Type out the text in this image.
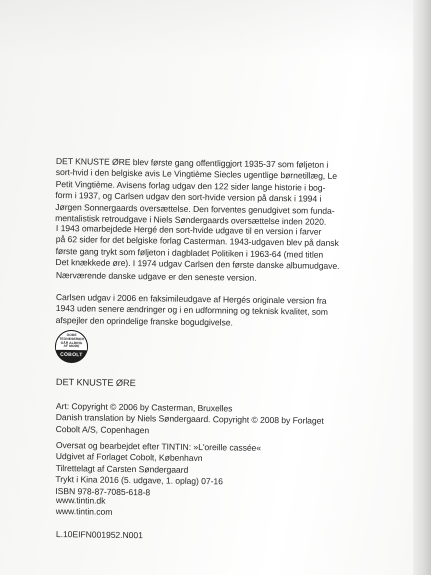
DET KNUSTE ØRE blev første gang offentliggjort 1935-37 som føljeton i

sort-hvid i den belgiske avis Le Vingtième Siecles ugentlige børnetillæg, Le

Petit Vingtième. Avisens forlag udgav den 122 sider lange historie i bog-

form i 1937, og Carlsen udgav den sort-hvide version på dansk i 1994 i

Jørgen Sonnergaards oversættelse. Den forventes genudgivet som funda-

mentalistisk retroudgave i Niels Søndergaards oversættelse inden 2020.

I 1943 omarbejdede Hergé den sort-hvide udgave til en version i farver

på 62 sider for det belgiske forlag Casterman. 1943-udgaven blev på dansk

første gang trykt som føljeton i dagbladet Politiken i 1963-64 (med titlen

Det knækkede øre). I 1974 udgav Carlsen den første danske albumudgave.

Nærværende danske udgave er den seneste version.

Carlsen udgav i 2006 en faksimileudgave af Hergés originale version fra

1943 uden senere ændringer og i en udformning og teknisk kvalitet, som

afspejler den oprindelige franske bogudgivelse.

GODE
TEGNESERIER
GÅR ALDRIG
AF MODE
COBOLT
DET KNUSTE ØRE

Art: Copyright © 2006 by Casterman, Bruxelles

Danish translation by Niels Søndergaard. Copyright © 2008 by Forlaget

Cobolt A/S, Copenhagen

Oversat og bearbejdet efter TINTIN: »L'oreille cassée«

Udgivet af Forlaget Cobolt, København

Tilrettelagt af Carsten Søndergaard

Trykt i Kina 2016 (5. udgave, 1. oplag) 07-16

ISBN 978-87-7085-618-8

www.tintin.dk

www.tintin.com

L.10EIFN001952.N001
